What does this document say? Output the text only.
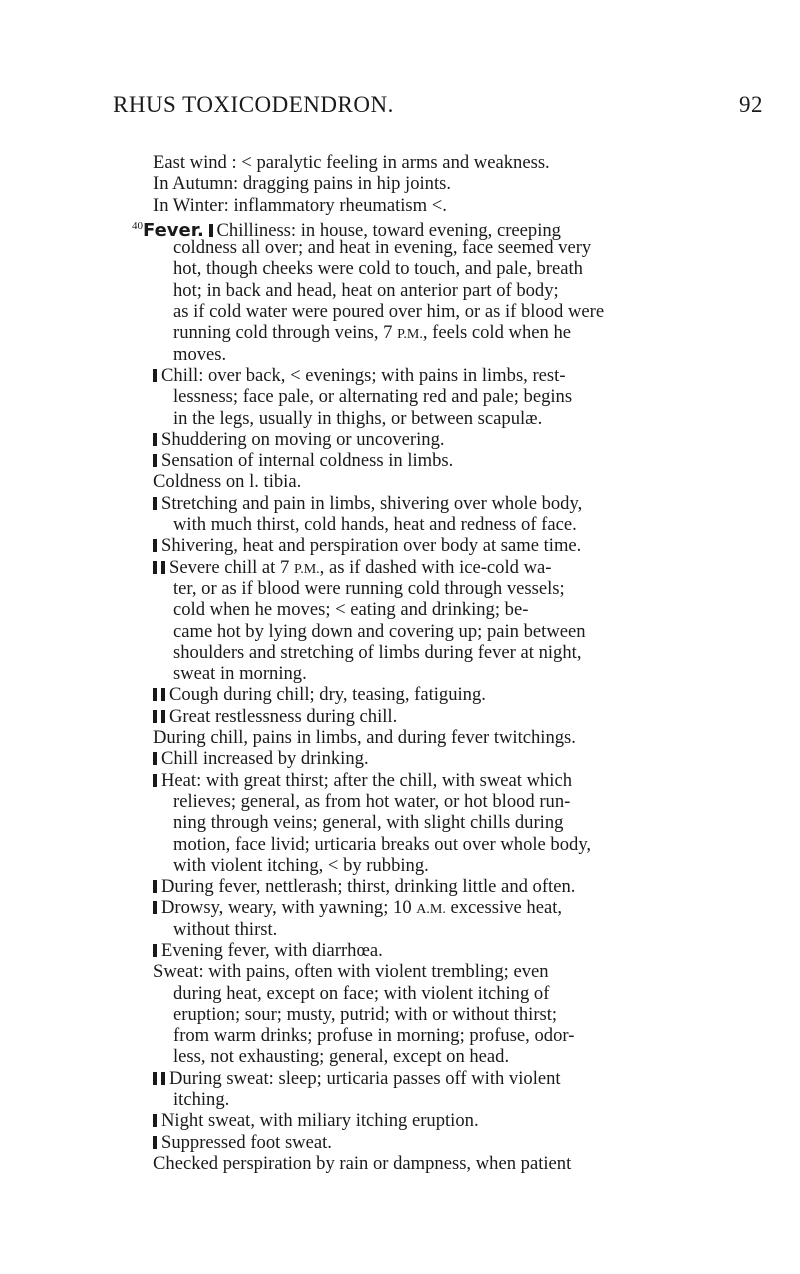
RHUS TOXICODENDRON.	92
East wind : < paralytic feeling in arms and weakness.
In Autumn: dragging pains in hip joints.
In Winter: inflammatory rheumatism <.
$^{40}$Fever. Chilliness: in house, toward evening, creeping
coldness all over; and heat in evening, face seemed very
hot, though cheeks were cold to touch, and pale, breath
hot; in back and head, heat on anterior part of body;
as if cold water were poured over him, or as if blood were
running cold through veins, 7 P.M., feels cold when he
moves.
Chill: over back, < evenings; with pains in limbs, rest-
lessness; face pale, or alternating red and pale; begins
in the legs, usually in thighs, or between scapulæ.
Shuddering on moving or uncovering.
Sensation of internal coldness in limbs.
Coldness on l. tibia.
Stretching and pain in limbs, shivering over whole body,
with much thirst, cold hands, heat and redness of face.
Shivering, heat and perspiration over body at same time.
Severe chill at 7 P.M., as if dashed with ice-cold wa-
ter, or as if blood were running cold through vessels;
cold when he moves; < eating and drinking; be-
came hot by lying down and covering up; pain between
shoulders and stretching of limbs during fever at night,
sweat in morning.
Cough during chill; dry, teasing, fatiguing.
Great restlessness during chill.
During chill, pains in limbs, and during fever twitchings.
Chill increased by drinking.
Heat: with great thirst; after the chill, with sweat which
relieves; general, as from hot water, or hot blood run-
ning through veins; general, with slight chills during
motion, face livid; urticaria breaks out over whole body,
with violent itching, < by rubbing.
During fever, nettlerash; thirst, drinking little and often.
Drowsy, weary, with yawning; 10 A.M. excessive heat,
without thirst.
Evening fever, with diarrhœa.
Sweat: with pains, often with violent trembling; even
during heat, except on face; with violent itching of
eruption; sour; musty, putrid; with or without thirst;
from warm drinks; profuse in morning; profuse, odor-
less, not exhausting; general, except on head.
During sweat: sleep; urticaria passes off with violent
itching.
Night sweat, with miliary itching eruption.
Suppressed foot sweat.
Checked perspiration by rain or dampness, when patient
